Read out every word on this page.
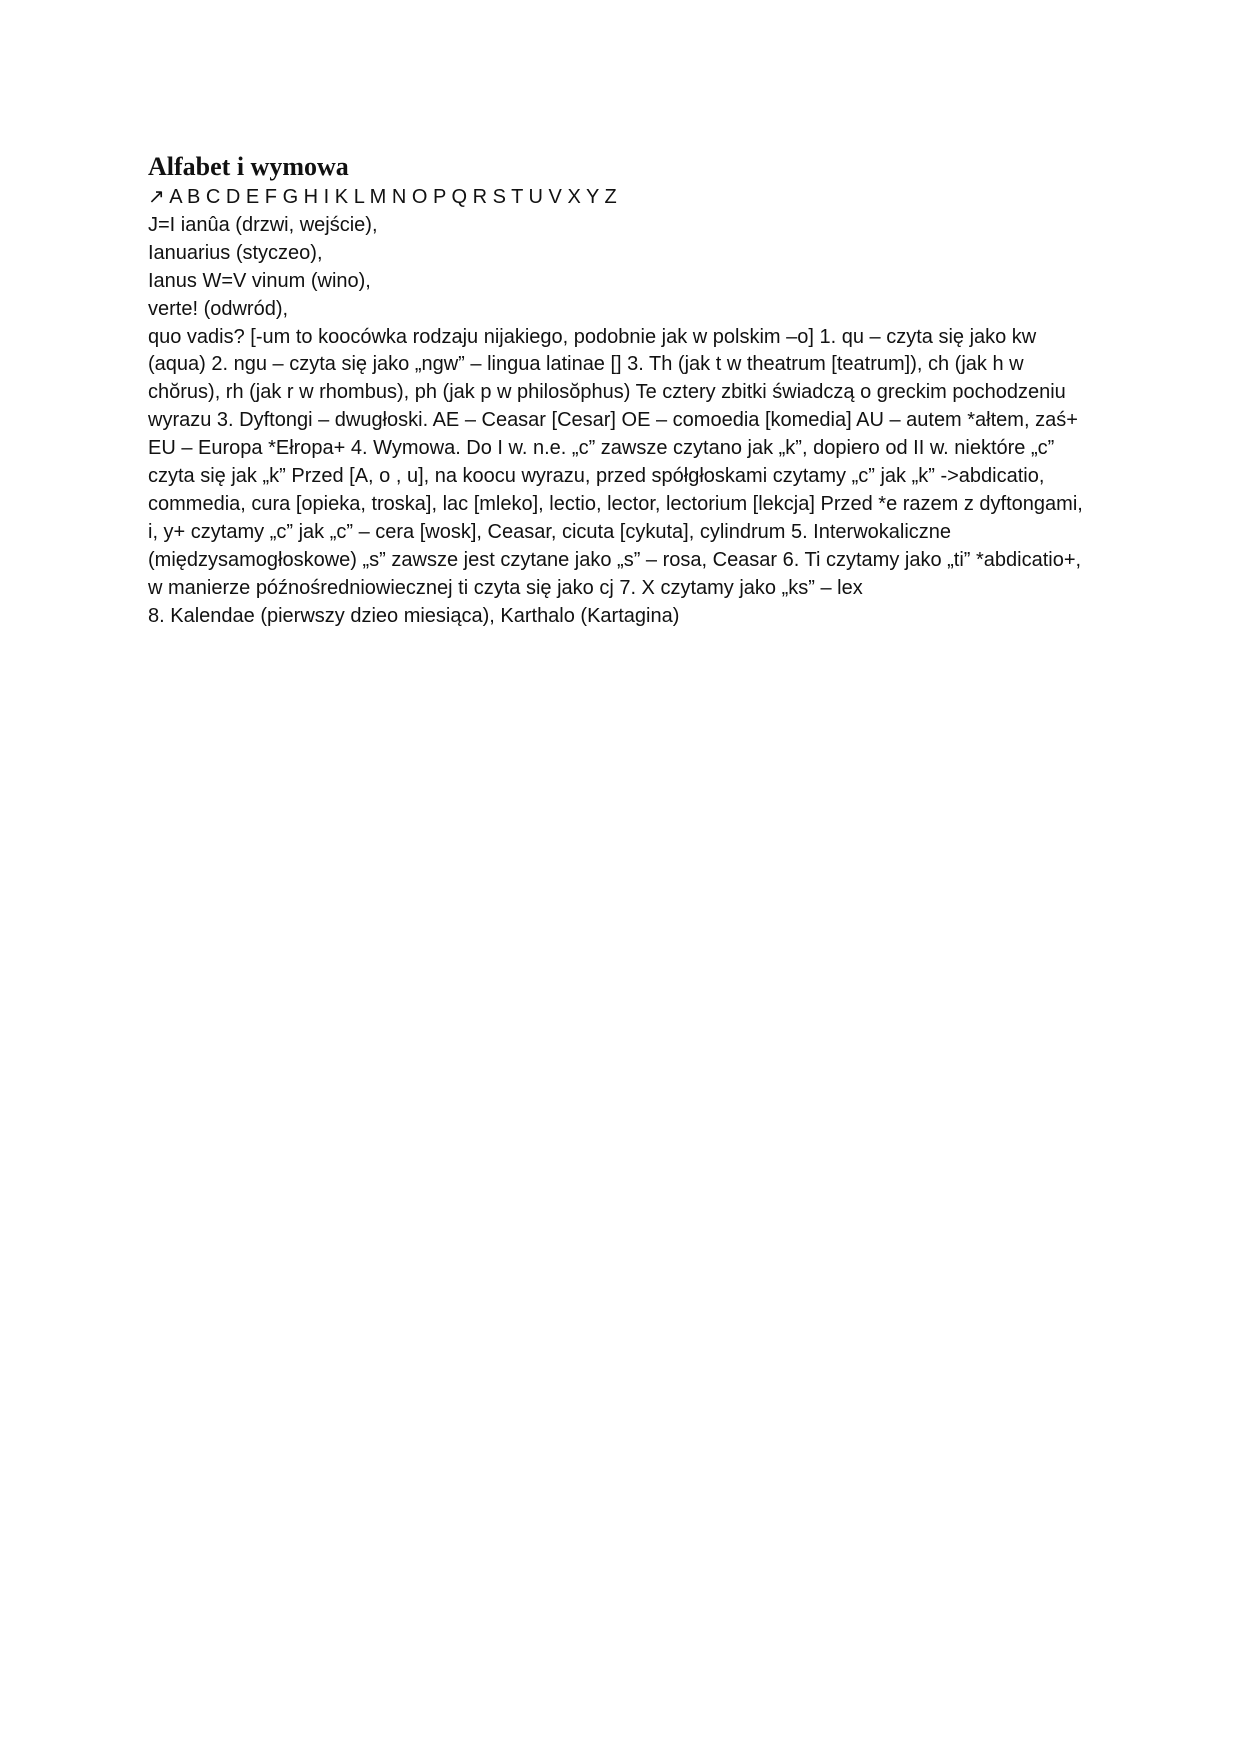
Alfabet i wymowa

↗ A B C D E F G H I K L M N O P Q R S T U V X Y Z

J=I ianûa (drzwi, wejście),

Ianuarius (styczeo),

Ianus W=V vinum (wino),

verte! (odwród),

quo vadis? [-um to koocówka rodzaju nijakiego, podobnie jak w polskim –o] 1. qu – czyta się jako kw (aqua) 2. ngu – czyta się jako „ngw” – lingua latinae [] 3. Th (jak t w theatrum [teatrum]), ch (jak h w chŏrus), rh (jak r w rhombus), ph (jak p w philosŏphus) Te cztery zbitki świadczą o greckim pochodzeniu wyrazu 3. Dyftongi – dwugłoski. AE – Ceasar [Cesar] OE – comoedia [komedia] AU – autem *ałtem, zaś+ EU – Europa *Ełropa+ 4. Wymowa. Do I w. n.e. „c” zawsze czytano jak „k”, dopiero od II w. niektóre „c” czyta się jak „k” Przed [A, o , u], na koocu wyrazu, przed spółgłoskami czytamy „c” jak „k” ->abdicatio, commedia, cura [opieka, troska], lac [mleko], lectio, lector, lectorium [lekcja] Przed *e razem z dyftongami, i, y+ czytamy „c” jak „c” – cera [wosk], Ceasar, cicuta [cykuta], cylindrum 5. Interwokaliczne (międzysamogłoskowe) „s” zawsze jest czytane jako „s” – rosa, Ceasar 6. Ti czytamy jako „ti” *abdicatio+, w manierze późnośredniowiecznej ti czyta się jako cj 7. X czytamy jako „ks” – lex

8. Kalendae (pierwszy dzieo miesiąca), Karthalo (Kartagina)
